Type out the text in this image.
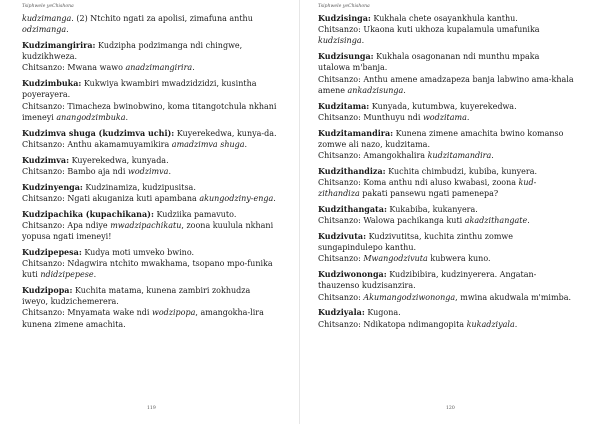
Tsiphwele yeChishona	Tsiphwele yeChishona

kudzimanga. (2) Ntchito ngati za apolisi, zimafuna anthu

odzimanga.

Kudzimangirira: Kudzipha podzimanga ndi chingwe, kudzikhweza.

Chitsanzo: Mwana wawo anadzimangirira.

Kudzimbuka: Kukwiya kwambiri mwadzidzidzi, kusintha poyerayera.

Chitsanzo: Timacheza bwinobwino, koma titangotchula nkhani imeneyi anangodzimbuka.

Kudzimva shuga (kudzimva uchi): Kuyerekedwa, kunya-da.

Chitsanzo: Anthu akamamuyamikira amadzimva shuga.

Kudzimva: Kuyerekedwa, kunyada.

Chitsanzo: Bambo aja ndi wodzimva.

Kudzinyenga: Kudzinamiza, kudzipusitsa.

Chitsanzo: Ngati akuganiza kuti apambana akungodziny-enga.

Kudzipachika (kupachikana): Kudziika pamavuto.

Chitsanzo: Apa ndiye mwadzipachikatu, zoona kuulula nkhani yopusa ngati imeneyi!

Kudzipepesa: Kudya moti umveko bwino.

Chitsanzo: Ndagwira ntchito mwakhama, tsopano mpo-funika kuti ndidzipepese.

Kudzipopa: Kuchita matama, kunena zambiri zokhudza iweyo, kudzichemerera.

Chitsanzo: Mnyamata wake ndi wodzipopa, amangokha-lira kunena zimene amachita.

Kudzisinga: Kukhala chete osayankhula kanthu.

Chitsanzo: Ukaona kuti ukhoza kupalamula umafunika kudzisinga.

Kudzisunga: Kukhala osagonanan ndi munthu mpaka utalowa m'banja.

Chitsanzo: Anthu amene amadzapeza banja labwino ama-khala amene ankadzisunga.

Kudzitama: Kunyada, kutumbwa, kuyerekedwa.

Chitsanzo: Munthuyu ndi wodzitama.

Kudzitamandira: Kunena zimene amachita bwino komanso zomwe ali nazo, kudzitama.

Chitsanzo: Amangokhalira kudzitamandira.

Kudzithandiza: Kuchita chimbudzi, kubiba, kunyera.

Chitsanzo: Koma anthu ndi aluso kwabasi, zoona kud-zithandiza pakati pansewu ngati pamenepa?

Kudzithangata: Kukabiba, kukanyera.

Chitsanzo: Walowa pachikanga kuti akadzithangate.

Kudzivuta: Kudzivutitsa, kuchita zinthu zomwe sungapindulepo kanthu.

Chitsanzo: Mwangodzivuta kubwera kuno.

Kudziwononga: Kudzibibira, kudzinyerera. Angatan-thauzenso kudzisanzira.

Chitsanzo: Akumangodziwononga, mwina akudwala m'mimba.

Kudziyala: Kugona.

Chitsanzo: Ndikatopa ndimangopita kukadziyala.

119	120
